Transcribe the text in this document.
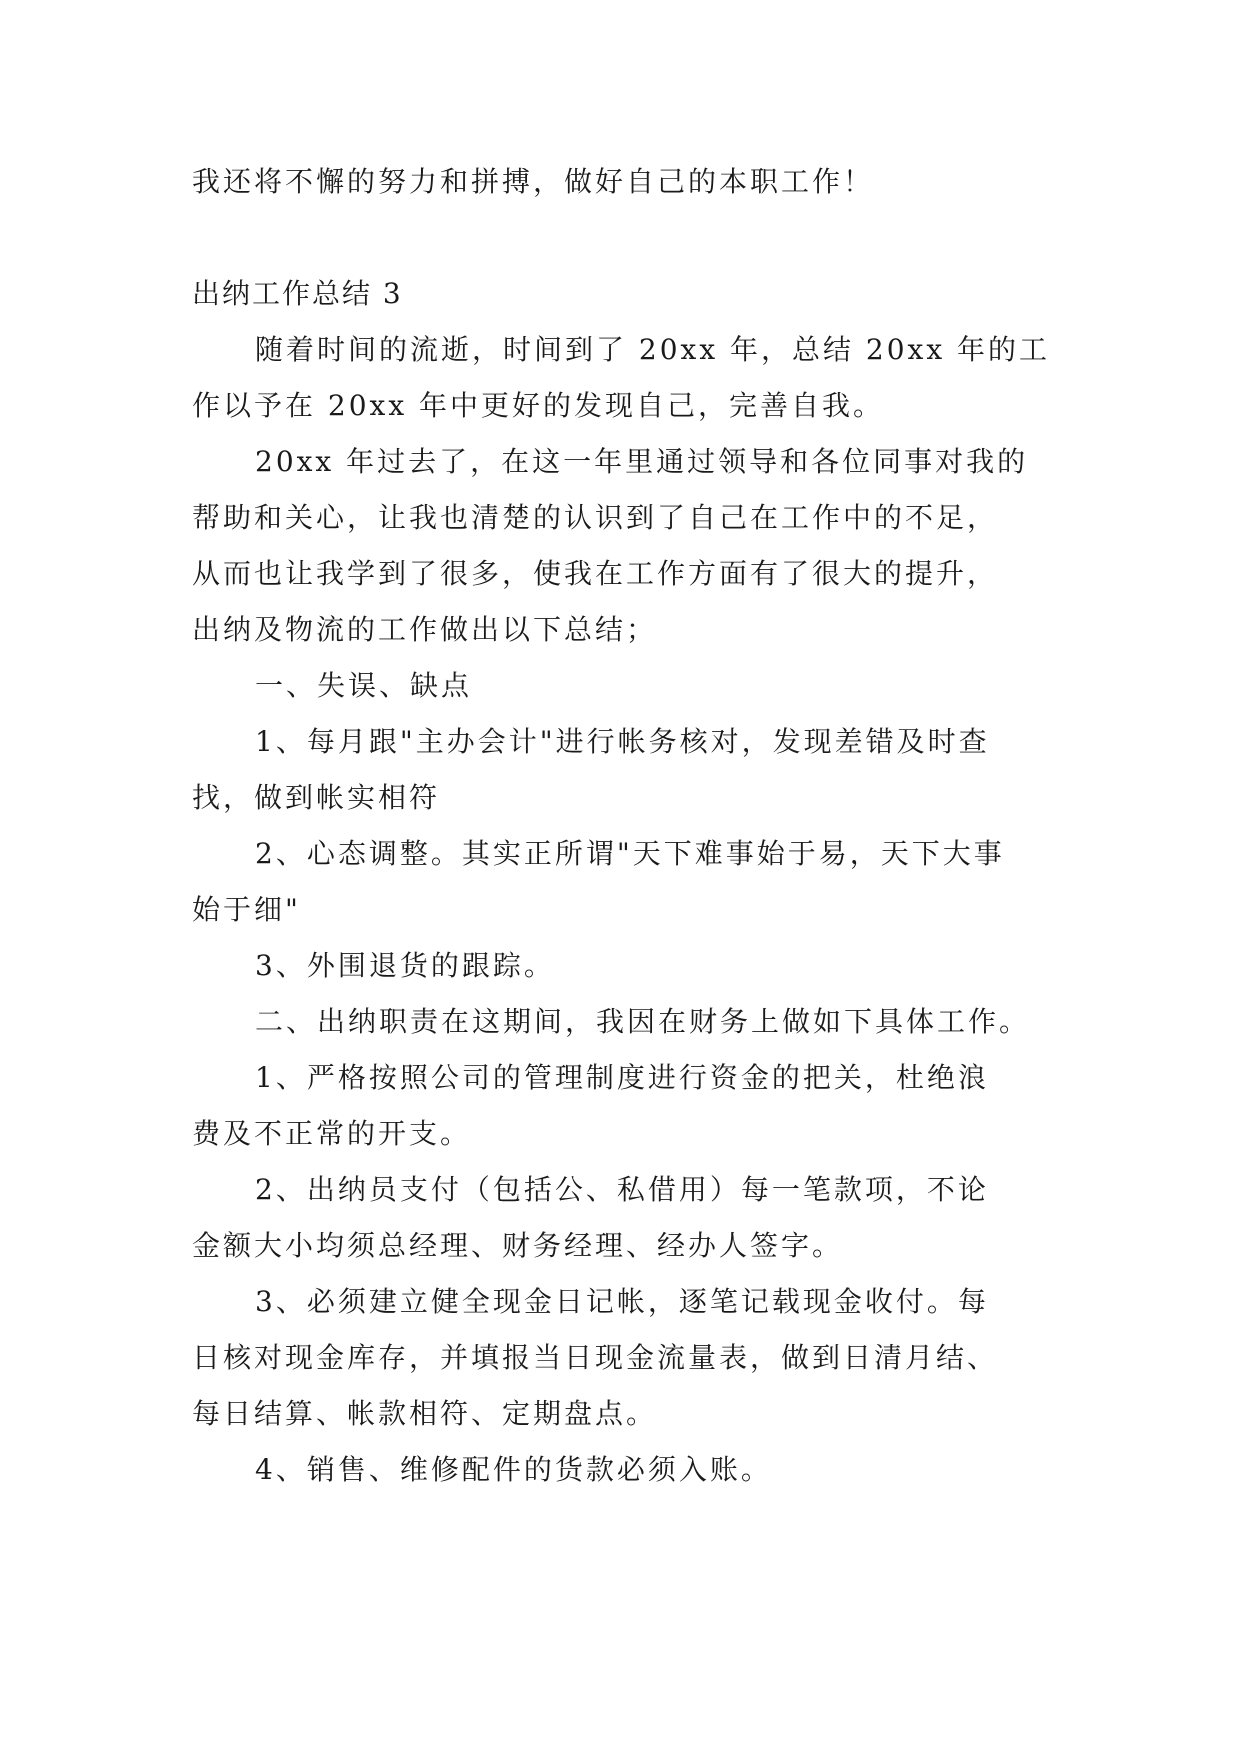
我还将不懈的努力和拼搏，做好自己的本职工作！

出纳工作总结 3

随着时间的流逝，时间到了 20xx 年，总结 20xx 年的工

作以予在 20xx 年中更好的发现自己，完善自我。

20xx 年过去了，在这一年里通过领导和各位同事对我的

帮助和关心，让我也清楚的认识到了自己在工作中的不足，

从而也让我学到了很多，使我在工作方面有了很大的提升，

出纳及物流的工作做出以下总结；

一、失误、缺点

1、每月跟"主办会计"进行帐务核对，发现差错及时查

找，做到帐实相符

2、心态调整。其实正所谓"天下难事始于易，天下大事

始于细"

3、外围退货的跟踪。

二、出纳职责在这期间，我因在财务上做如下具体工作。

1、严格按照公司的管理制度进行资金的把关，杜绝浪

费及不正常的开支。

2、出纳员支付（包括公、私借用）每一笔款项，不论

金额大小均须总经理、财务经理、经办人签字。

3、必须建立健全现金日记帐，逐笔记载现金收付。每

日核对现金库存，并填报当日现金流量表，做到日清月结、

每日结算、帐款相符、定期盘点。

4、销售、维修配件的货款必须入账。
